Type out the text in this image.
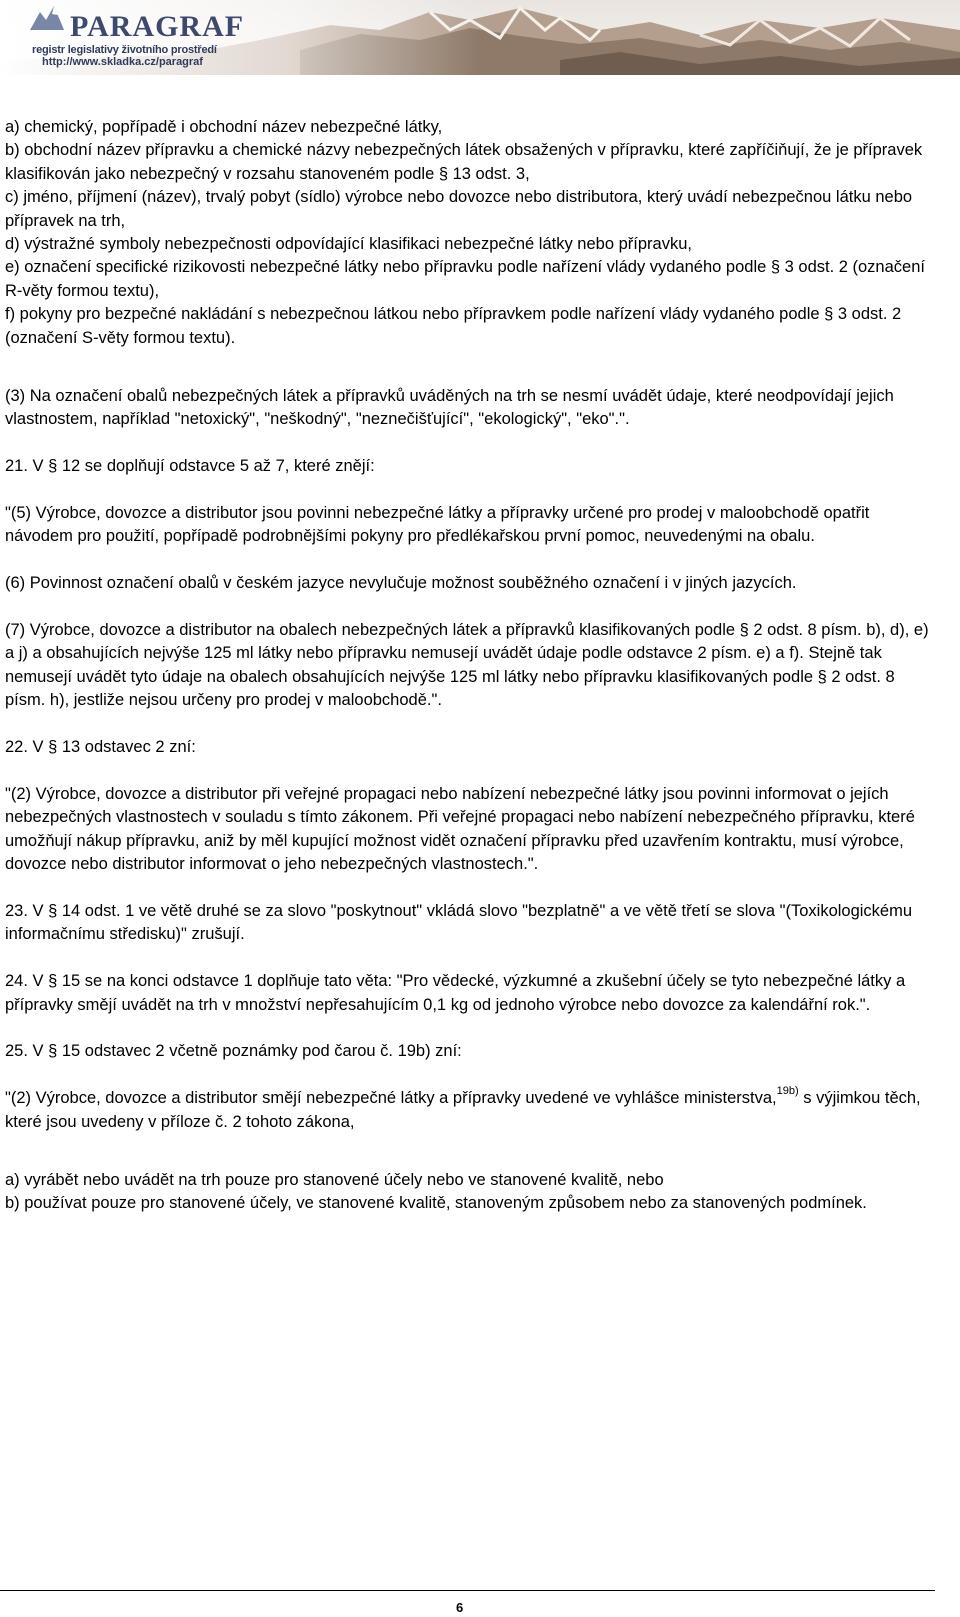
PARAGRAF
registr legislativy životního prostředí
http://www.skladka.cz/paragraf

a) chemický, popřípadě i obchodní název nebezpečné látky,

b) obchodní název přípravku a chemické názvy nebezpečných látek obsažených v přípravku, které zapříčiňují, že je přípravek klasifikován jako nebezpečný v rozsahu stanoveném podle § 13 odst. 3,

c) jméno, příjmení (název), trvalý pobyt (sídlo) výrobce nebo dovozce nebo distributora, který uvádí nebezpečnou látku nebo přípravek na trh,

d) výstražné symboly nebezpečnosti odpovídající klasifikaci nebezpečné látky nebo přípravku,

e) označení specifické rizikovosti nebezpečné látky nebo přípravku podle nařízení vlády vydaného podle § 3 odst. 2 (označení R-věty formou textu),

f) pokyny pro bezpečné nakládání s nebezpečnou látkou nebo přípravkem podle nařízení vlády vydaného podle § 3 odst. 2 (označení S-věty formou textu).

(3) Na označení obalů nebezpečných látek a přípravků uváděných na trh se nesmí uvádět údaje, které neodpovídají jejich vlastnostem, například "netoxický", "neškodný", "neznečišťující", "ekologický", "eko".".

21. V § 12 se doplňují odstavce 5 až 7, které znějí:

"(5) Výrobce, dovozce a distributor jsou povinni nebezpečné látky a přípravky určené pro prodej v maloobchodě opatřit návodem pro použití, popřípadě podrobnějšími pokyny pro předlékařskou první pomoc, neuvedenými na obalu.

(6) Povinnost označení obalů v českém jazyce nevylučuje možnost souběžného označení i v jiných jazycích.

(7) Výrobce, dovozce a distributor na obalech nebezpečných látek a přípravků klasifikovaných podle § 2 odst. 8 písm. b), d), e) a j) a obsahujících nejvýše 125 ml látky nebo přípravku nemusejí uvádět údaje podle odstavce 2 písm. e) a f). Stejně tak nemusejí uvádět tyto údaje na obalech obsahujících nejvýše 125 ml látky nebo přípravku klasifikovaných podle § 2 odst. 8 písm. h), jestliže nejsou určeny pro prodej v maloobchodě.".

22. V § 13 odstavec 2 zní:

"(2) Výrobce, dovozce a distributor při veřejné propagaci nebo nabízení nebezpečné látky jsou povinni informovat o jejích nebezpečných vlastnostech v souladu s tímto zákonem. Při veřejné propagaci nebo nabízení nebezpečného přípravku, které umožňují nákup přípravku, aniž by měl kupující možnost vidět označení přípravku před uzavřením kontraktu, musí výrobce, dovozce nebo distributor informovat o jeho nebezpečných vlastnostech.".

23. V § 14 odst. 1 ve větě druhé se za slovo "poskytnout" vkládá slovo "bezplatně" a ve větě třetí se slova "(Toxikologickému informačnímu středisku)" zrušují.

24. V § 15 se na konci odstavce 1 doplňuje tato věta: "Pro vědecké, výzkumné a zkušební účely se tyto nebezpečné látky a přípravky smějí uvádět na trh v množství nepřesahujícím 0,1 kg od jednoho výrobce nebo dovozce za kalendářní rok.".

25. V § 15 odstavec 2 včetně poznámky pod čarou č. 19b) zní:

"(2) Výrobce, dovozce a distributor smějí nebezpečné látky a přípravky uvedené ve vyhlášce ministerstva,$^{19b)}$ s výjimkou těch, které jsou uvedeny v příloze č. 2 tohoto zákona,

a) vyrábět nebo uvádět na trh pouze pro stanovené účely nebo ve stanovené kvalitě, nebo

b) používat pouze pro stanovené účely, ve stanovené kvalitě, stanoveným způsobem nebo za stanovených podmínek.

6
